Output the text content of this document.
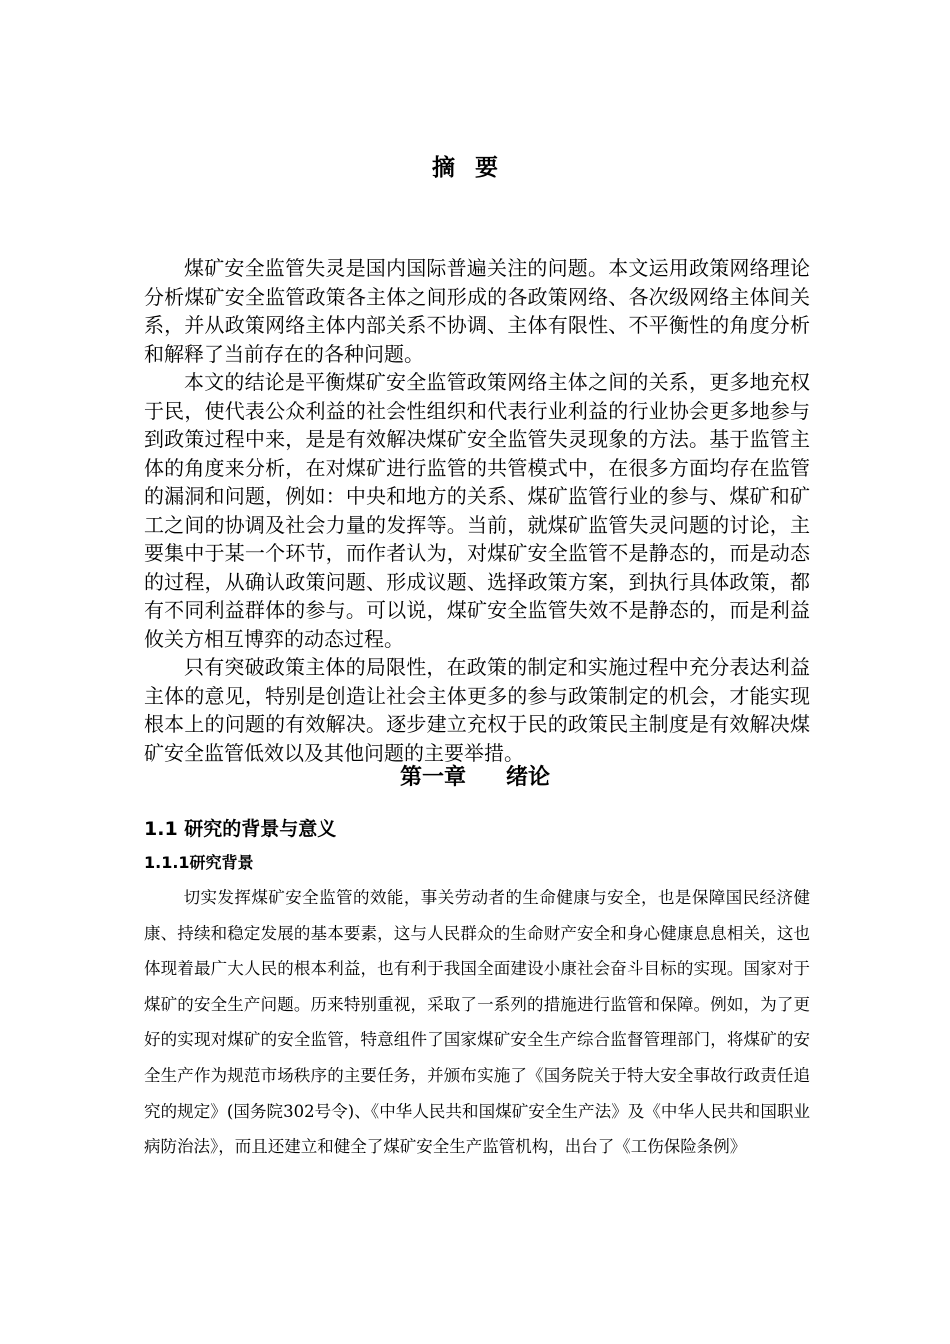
摘要

煤矿安全监管失灵是国内国际普遍关注的问题。本文运用政策网络理论分析煤矿安全监管政策各主体之间形成的各政策网络、各次级网络主体间关系，并从政策网络主体内部关系不协调、主体有限性、不平衡性的角度分析和解释了当前存在的各种问题。

本文的结论是平衡煤矿安全监管政策网络主体之间的关系，更多地充权于民，使代表公众利益的社会性组织和代表行业利益的行业协会更多地参与到政策过程中来，是是有效解决煤矿安全监管失灵现象的方法。基于监管主体的角度来分析，在对煤矿进行监管的共管模式中，在很多方面均存在监管的漏洞和问题，例如：中央和地方的关系、煤矿监管行业的参与、煤矿和矿工之间的协调及社会力量的发挥等。当前，就煤矿监管失灵问题的讨论，主要集中于某一个环节，而作者认为，对煤矿安全监管不是静态的，而是动态的过程，从确认政策问题、形成议题、选择政策方案，到执行具体政策，都有不同利益群体的参与。可以说，煤矿安全监管失效不是静态的，而是利益攸关方相互博弈的动态过程。

只有突破政策主体的局限性，在政策的制定和实施过程中充分表达利益主体的意见，特别是创造让社会主体更多的参与政策制定的机会，才能实现根本上的问题的有效解决。逐步建立充权于民的政策民主制度是有效解决煤矿安全监管低效以及其他问题的主要举措。

第一章 绪论
1.1 研究的背景与意义
1.1.1研究背景

切实发挥煤矿安全监管的效能，事关劳动者的生命健康与安全，也是保障国民经济健康、持续和稳定发展的基本要素，这与人民群众的生命财产安全和身心健康息息相关，这也体现着最广大人民的根本利益，也有利于我国全面建设小康社会奋斗目标的实现。国家对于煤矿的安全生产问题。历来特别重视，采取了一系列的措施进行监管和保障。例如，为了更好的实现对煤矿的安全监管，特意组件了国家煤矿安全生产综合监督管理部门，将煤矿的安全生产作为规范市场秩序的主要任务，并颁布实施了《国务院关于特大安全事故行政责任追究的规定》(国务院302号令)、《中华人民共和国煤矿安全生产法》及《中华人民共和国职业病防治法》，而且还建立和健全了煤矿安全生产监管机构，出台了《工伤保险条例》
